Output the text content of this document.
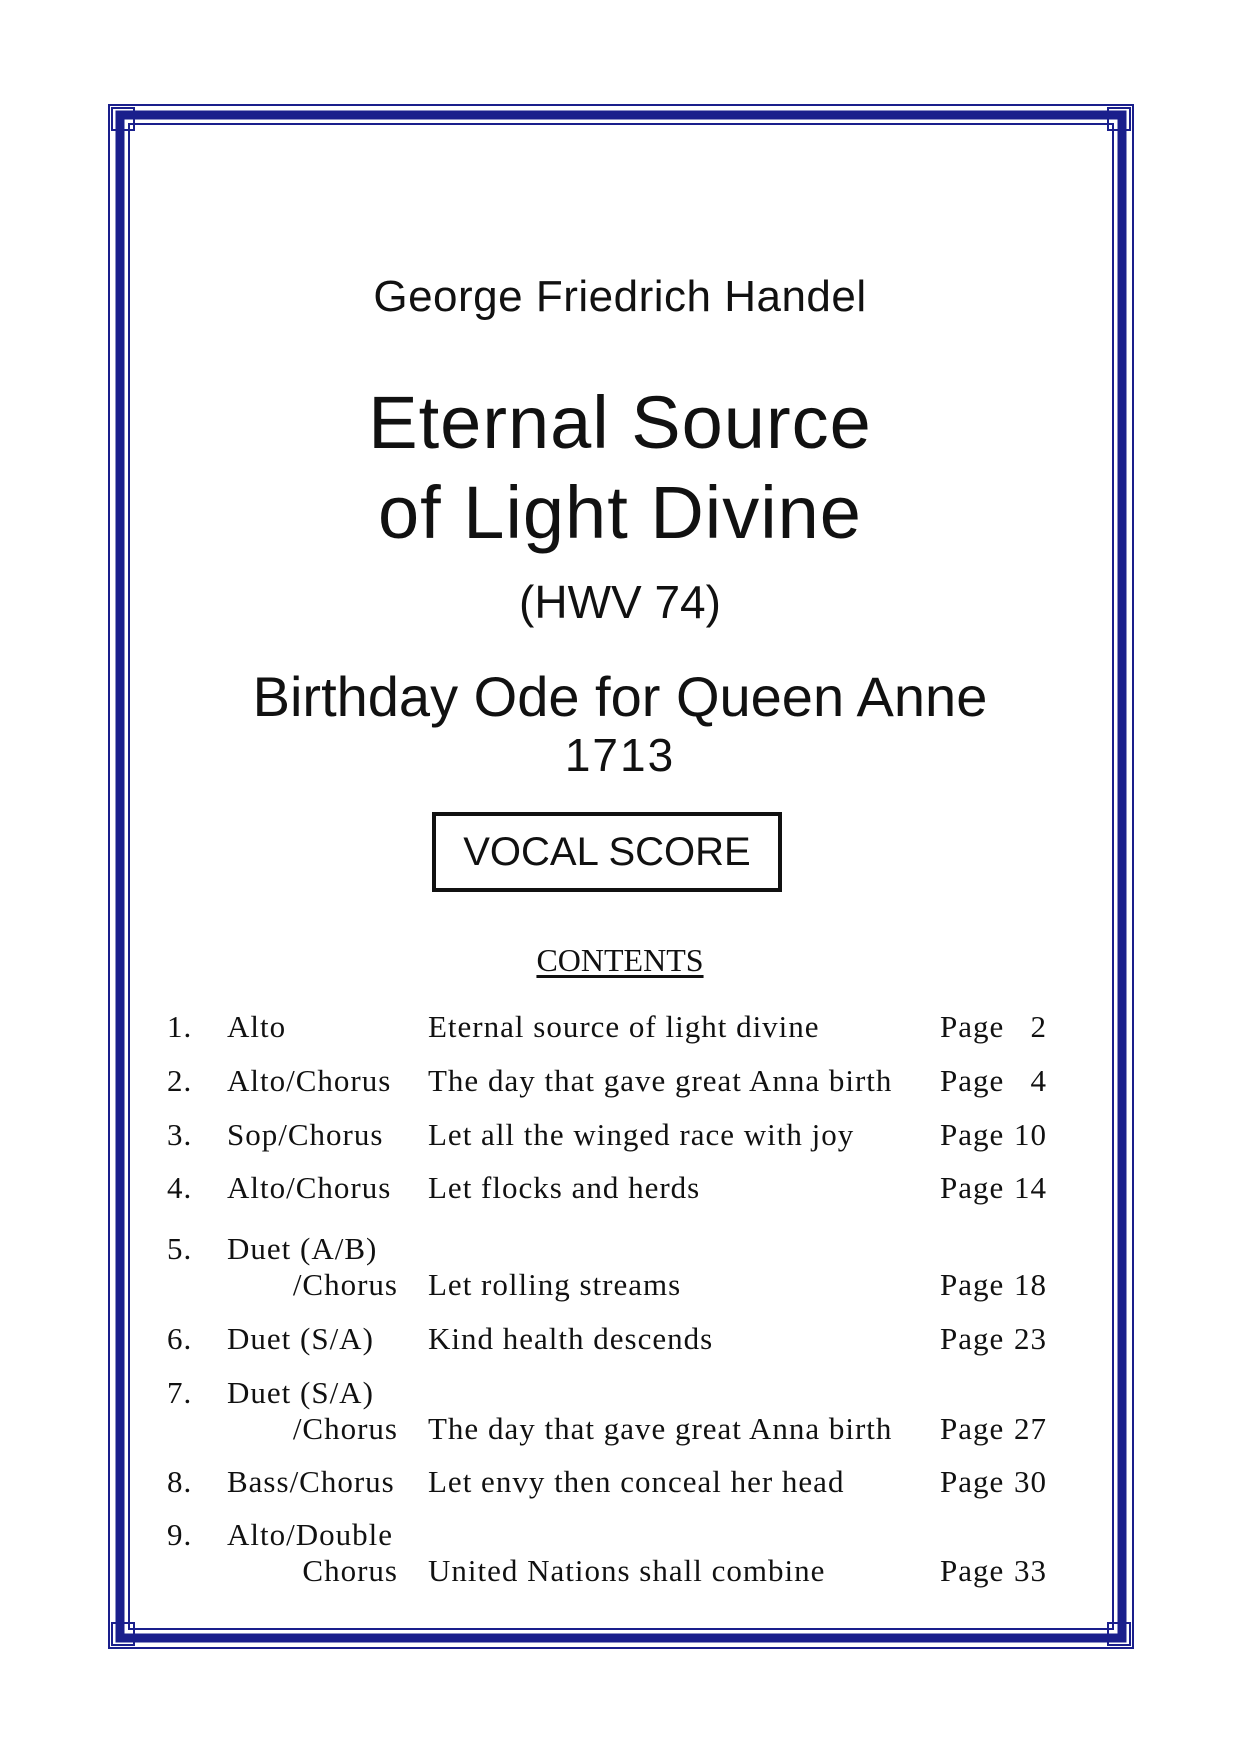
George Friedrich Handel
Eternal Source
of Light Divine
(HWV 74)
Birthday Ode for Queen Anne
1713
VOCAL SCORE
CONTENTS
1. Alto	Eternal source of light divine	Page 2
2. Alto/Chorus The day that gave great Anna birth Page 4
3. Sop/Chorus Let all the winged race with joy	Page 10
4. Alto/Chorus Let flocks and herds	Page 14
5. Duet (A/B)
/Chorus Let rolling streams	Page 18
6. Duet (S/A) Kind health descends	Page 23
7. Duet (S/A)
/Chorus The day that gave great Anna birth Page 27
8. Bass/Chorus Let envy then conceal her head	Page 30
9. Alto/Double
Chorus United Nations shall combine	Page 33
